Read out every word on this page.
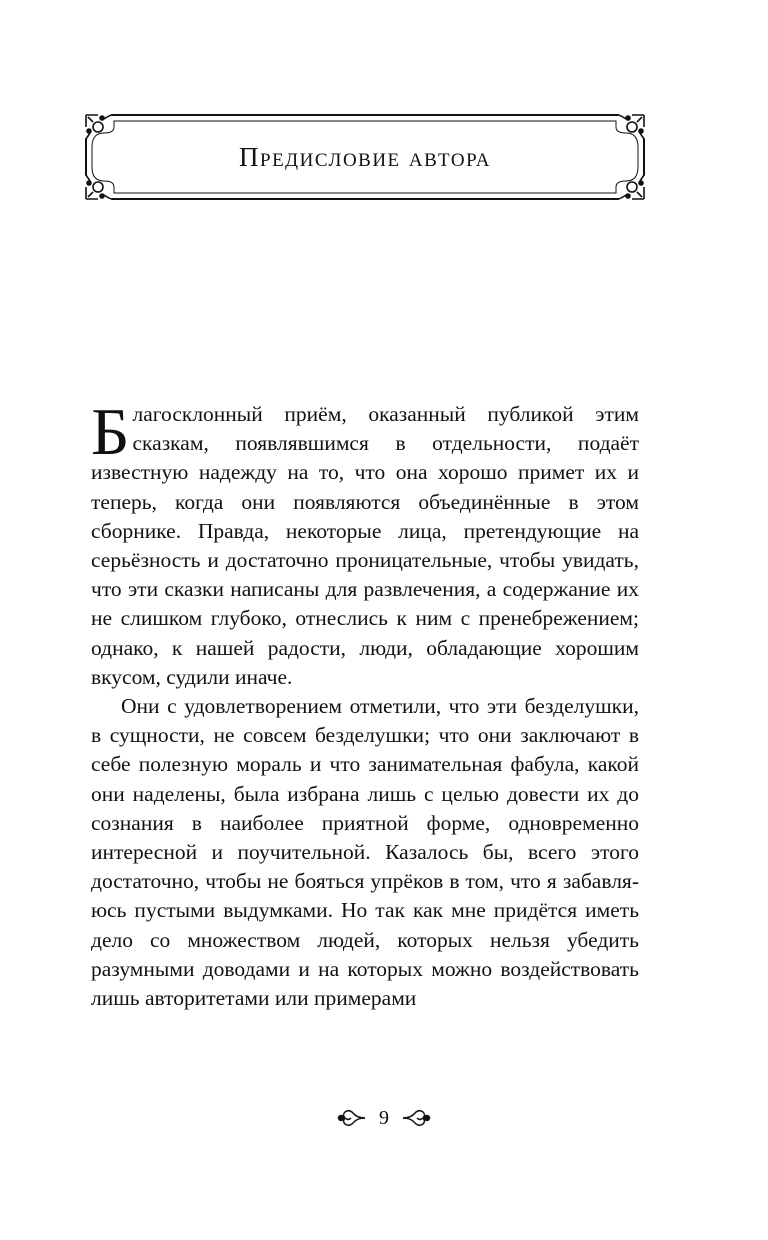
Предисловие автора

Благосклонный приём, оказанный публикой этим сказкам, появлявшимся в отдельности, подаёт известную надежду на то, что она хорошо примет их и теперь, когда они появляются объединённые в этом сборнике. Правда, некоторые лица, претендующие на серьёзность и достаточно проницательные, чтобы увидать, что эти сказки написаны для развлечения, а содержание их не слишком глубоко, отнеслись к ним с пренебрежением; однако, к нашей радости, люди, обладающие хорошим вкусом, судили иначе.

Они с удовлетворением отметили, что эти безделушки, в сущности, не совсем безделушки; что они заключают в себе полезную мораль и что занимательная фабула, какой они наделены, была избрана лишь с целью довести их до сознания в наиболее приятной форме, одновременно интересной и поучительной. Казалось бы, всего этого достаточно, чтобы не бояться упрёков в том, что я забавляюсь пустыми выдумками. Но так как мне придётся иметь дело со множеством людей, которых нельзя убедить разумными доводами и на которых можно воздействовать лишь авторитетами или примерами

9
